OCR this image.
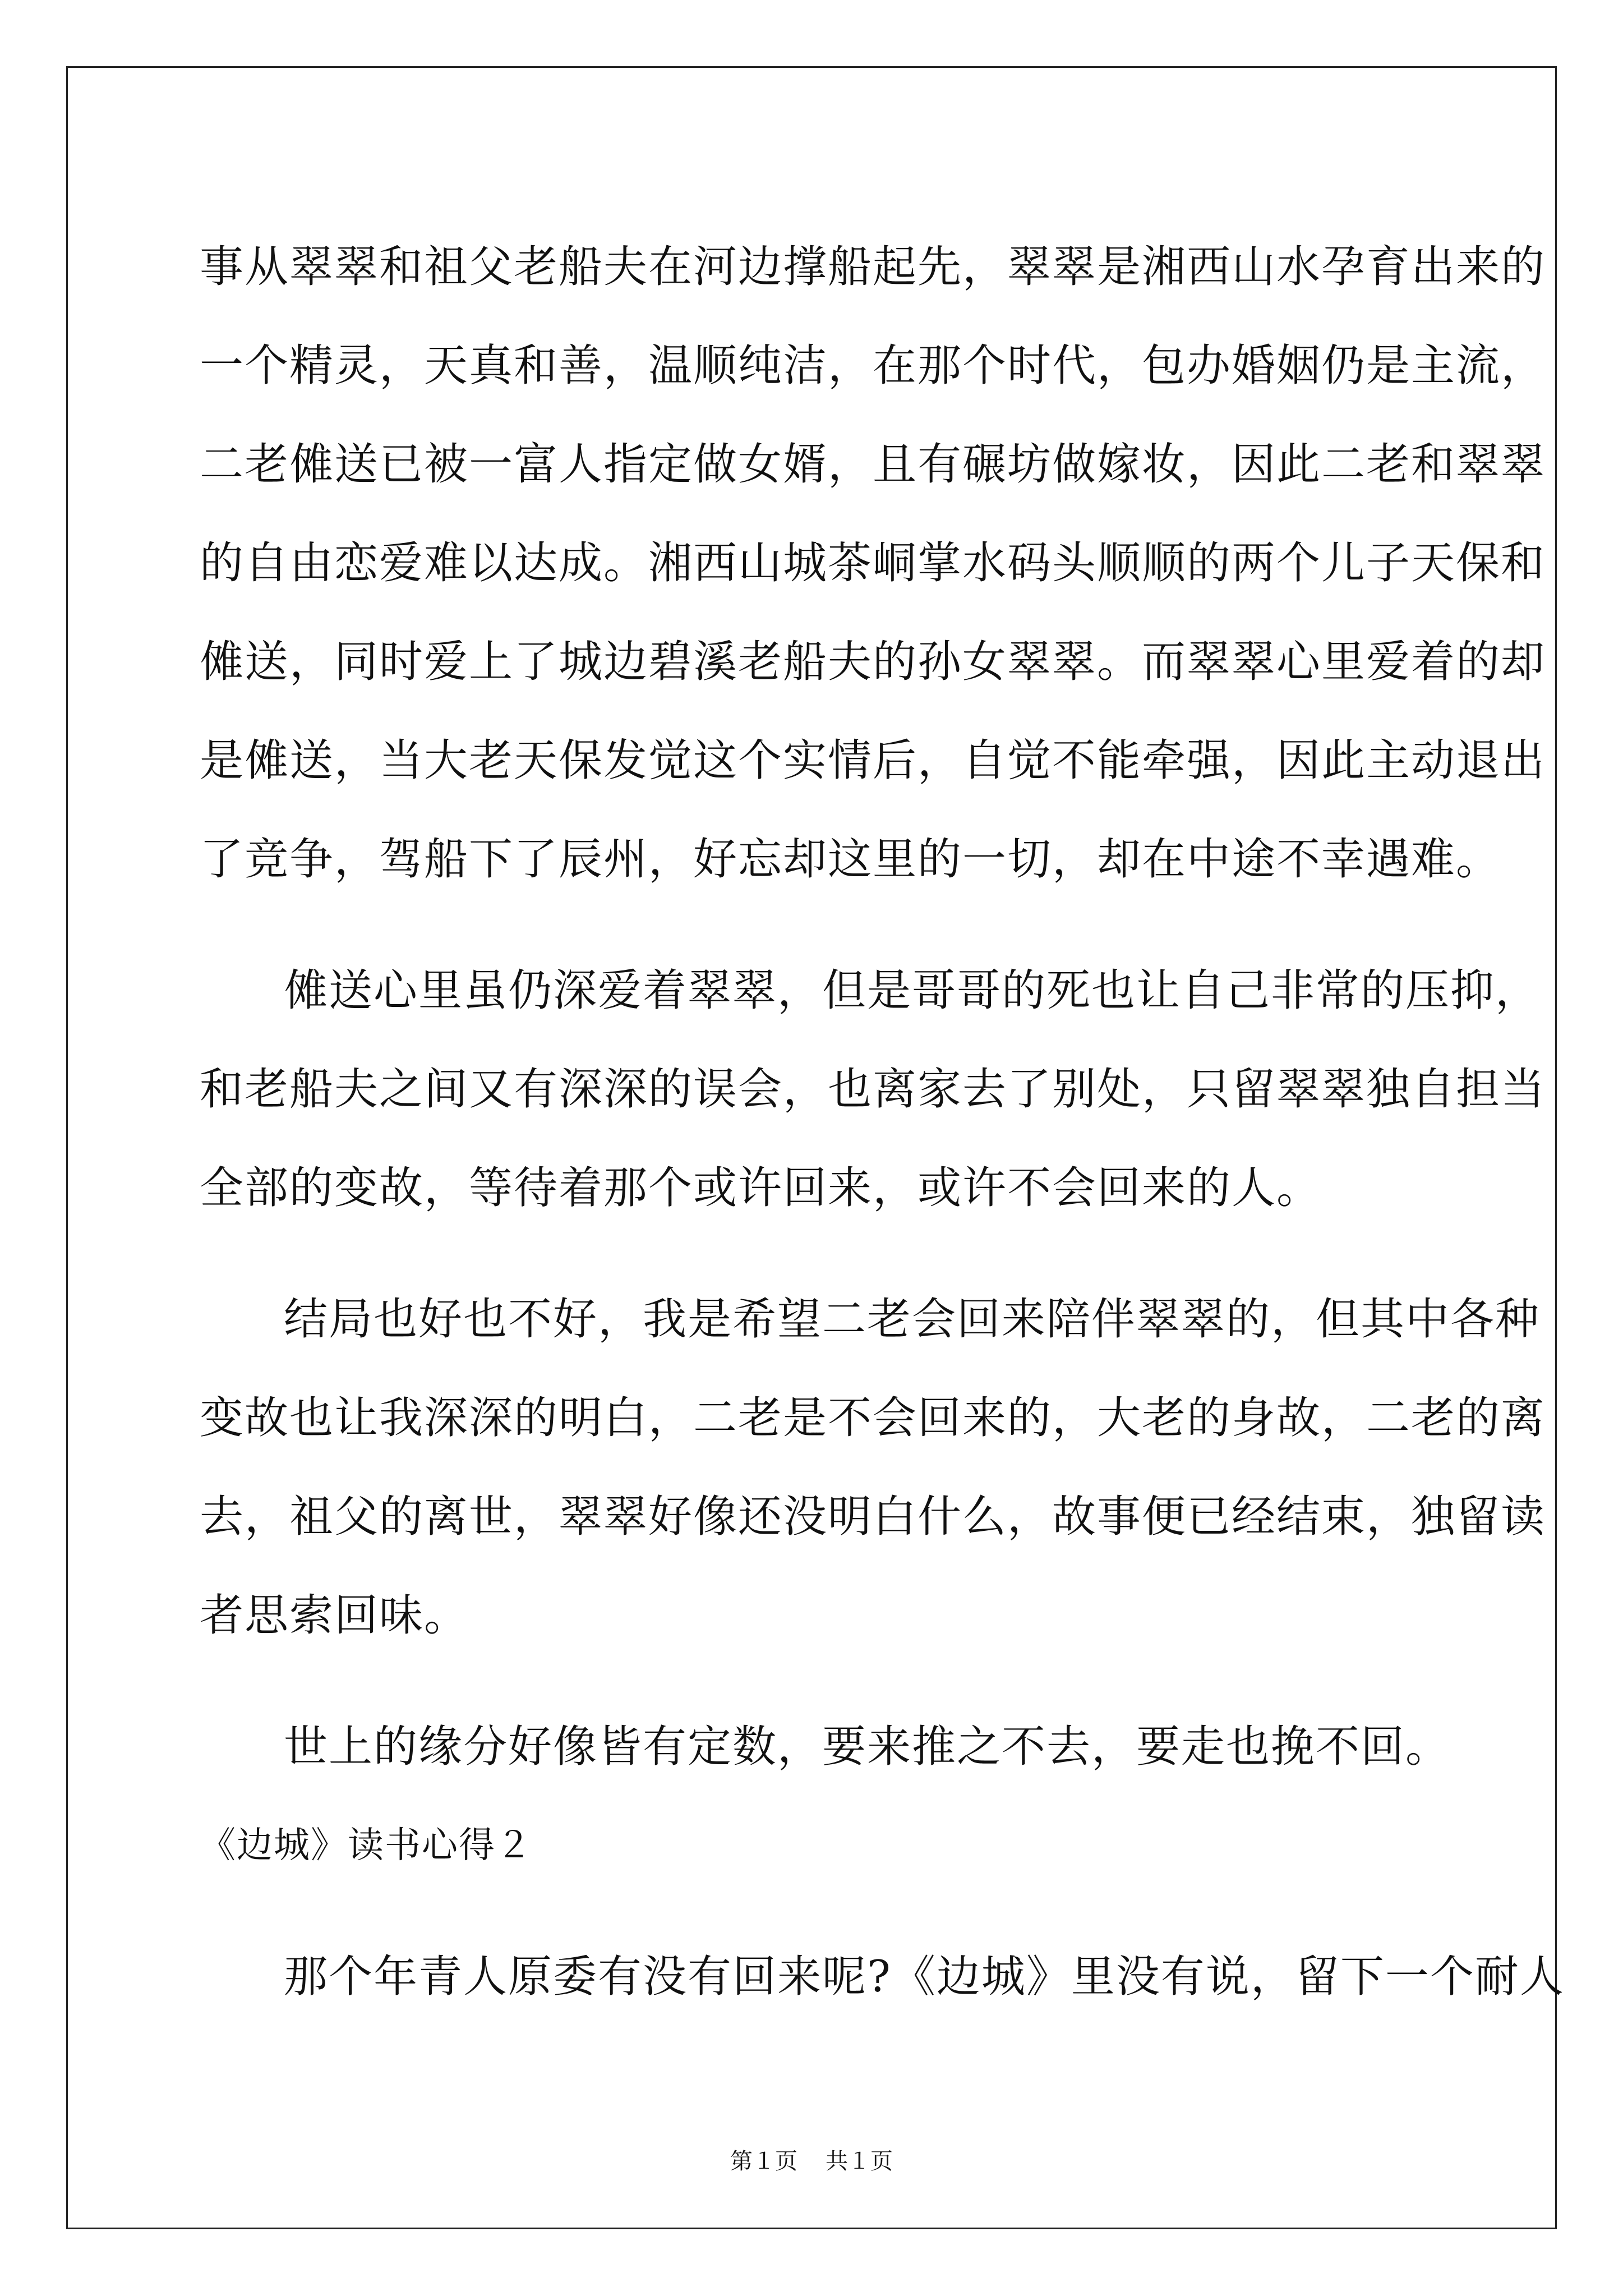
事从翠翠和祖父老船夫在河边撑船起先，翠翠是湘西山水孕育出来的
一个精灵，天真和善，温顺纯洁，在那个时代，包办婚姻仍是主流，
二老傩送已被一富人指定做女婿，且有碾坊做嫁妆，因此二老和翠翠
的自由恋爱难以达成。湘西山城茶峒掌水码头顺顺的两个儿子天保和
傩送，同时爱上了城边碧溪老船夫的孙女翠翠。而翠翠心里爱着的却
是傩送，当大老天保发觉这个实情后，自觉不能牵强，因此主动退出
了竞争，驾船下了辰州，好忘却这里的一切，却在中途不幸遇难。
傩送心里虽仍深爱着翠翠，但是哥哥的死也让自己非常的压抑，
和老船夫之间又有深深的误会，也离家去了别处，只留翠翠独自担当
全部的变故，等待着那个或许回来，或许不会回来的人。
结局也好也不好，我是希望二老会回来陪伴翠翠的，但其中各种
变故也让我深深的明白，二老是不会回来的，大老的身故，二老的离
去，祖父的离世，翠翠好像还没明白什么，故事便已经结束，独留读
者思索回味。
世上的缘分好像皆有定数，要来推之不去，要走也挽不回。
《边城》读书心得２
那个年青人原委有没有回来呢?《边城》里没有说，留下一个耐人
第１页 共１页
